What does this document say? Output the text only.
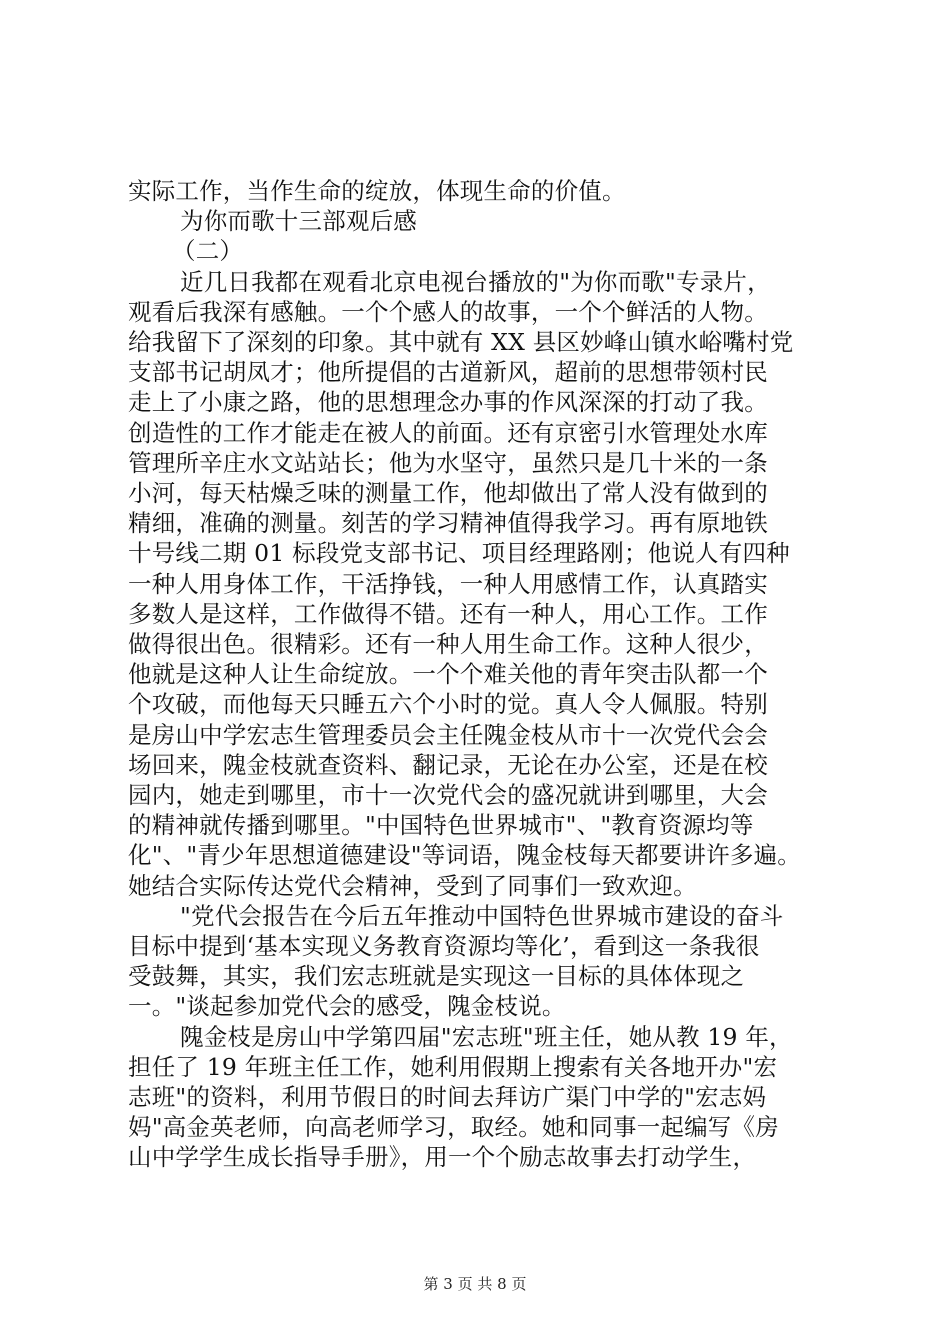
实际工作，当作生命的绽放，体现生命的价值。
为你而歌十三部观后感
（二）
近几日我都在观看北京电视台播放的"为你而歌"专录片，
观看后我深有感触。一个个感人的故事，一个个鲜活的人物。
给我留下了深刻的印象。其中就有 XX 县区妙峰山镇水峪嘴村党
支部书记胡凤才；他所提倡的古道新风，超前的思想带领村民
走上了小康之路，他的思想理念办事的作风深深的打动了我。
创造性的工作才能走在被人的前面。还有京密引水管理处水库
管理所辛庄水文站站长；他为水坚守，虽然只是几十米的一条
小河，每天枯燥乏味的测量工作，他却做出了常人没有做到的
精细，准确的测量。刻苦的学习精神值得我学习。再有原地铁
十号线二期 01 标段党支部书记、项目经理路刚；他说人有四种
一种人用身体工作，干活挣钱，一种人用感情工作，认真踏实
多数人是这样，工作做得不错。还有一种人，用心工作。工作
做得很出色。很精彩。还有一种人用生命工作。这种人很少，
他就是这种人让生命绽放。一个个难关他的青年突击队都一个
个攻破，而他每天只睡五六个小时的觉。真人令人佩服。特别
是房山中学宏志生管理委员会主任隗金枝从市十一次党代会会
场回来，隗金枝就查资料、翻记录，无论在办公室，还是在校
园内，她走到哪里，市十一次党代会的盛况就讲到哪里，大会
的精神就传播到哪里。"中国特色世界城市"、"教育资源均等
化"、"青少年思想道德建设"等词语，隗金枝每天都要讲许多遍。
她结合实际传达党代会精神，受到了同事们一致欢迎。
"党代会报告在今后五年推动中国特色世界城市建设的奋斗
目标中提到‘基本实现义务教育资源均等化’，看到这一条我很
受鼓舞，其实，我们宏志班就是实现这一目标的具体体现之
一。"谈起参加党代会的感受，隗金枝说。
隗金枝是房山中学第四届"宏志班"班主任，她从教 19 年，
担任了 19 年班主任工作，她利用假期上搜索有关各地开办"宏
志班"的资料，利用节假日的时间去拜访广渠门中学的"宏志妈
妈"高金英老师，向高老师学习，取经。她和同事一起编写《房
山中学学生成长指导手册》，用一个个励志故事去打动学生，
第 3 页 共 8 页
